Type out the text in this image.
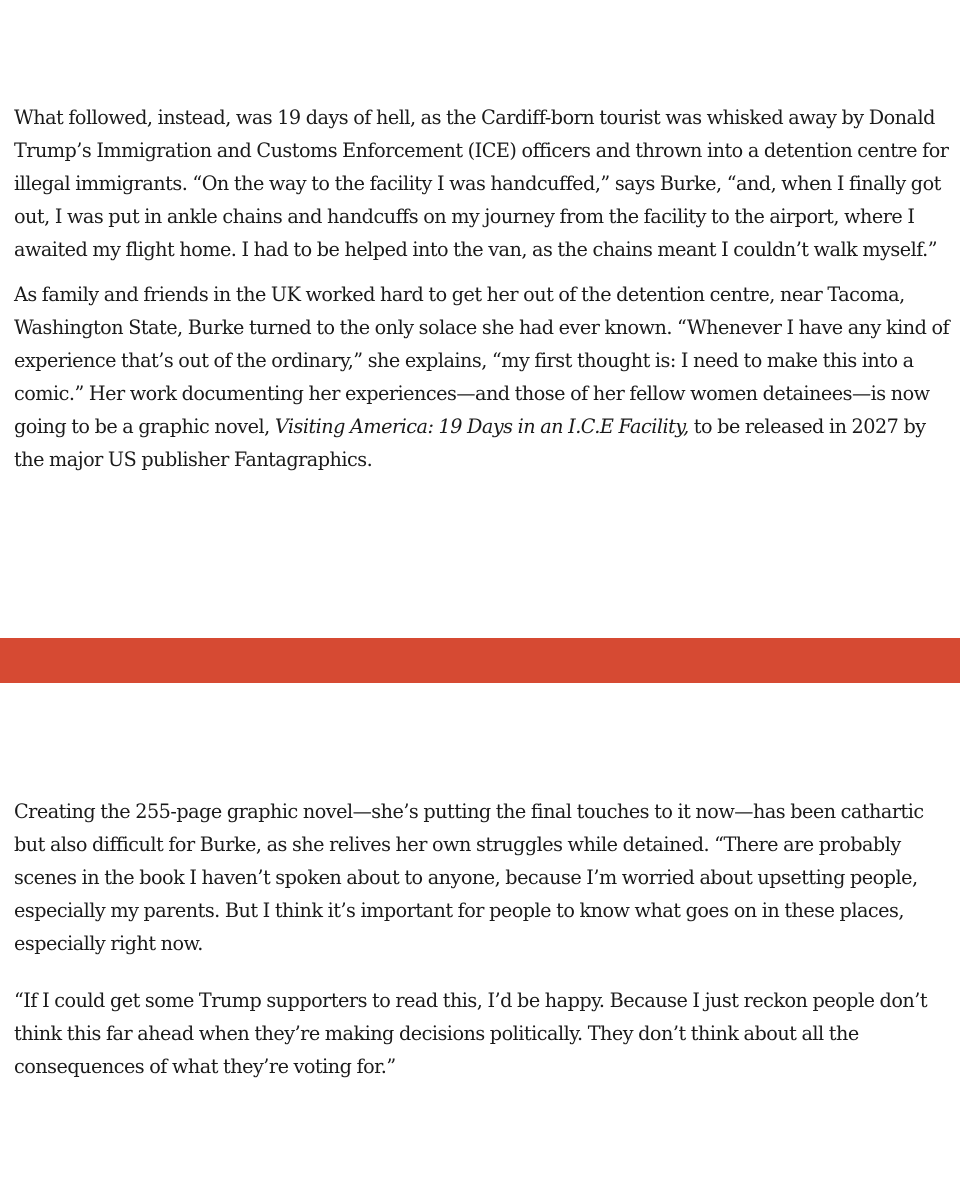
What followed, instead, was 19 days of hell, as the Cardiff-born tourist was whisked away by Donald Trump’s Immigration and Customs Enforcement (ICE) officers and thrown into a detention centre for illegal immigrants. “On the way to the facility I was handcuffed,” says Burke, “and, when I finally got out, I was put in ankle chains and handcuffs on my journey from the facility to the airport, where I awaited my flight home. I had to be helped into the van, as the chains meant I couldn’t walk myself.”

As family and friends in the UK worked hard to get her out of the detention centre, near Tacoma, Washington State, Burke turned to the only solace she had ever known. “Whenever I have any kind of experience that’s out of the ordinary,” she explains, “my first thought is: I need to make this into a comic.” Her work documenting her experiences—and those of her fellow women detainees—is now going to be a graphic novel, Visiting America: 19 Days in an I.C.E Facility, to be released in 2027 by the major US publisher Fantagraphics.

Creating the 255-page graphic novel—she’s putting the final touches to it now—has been cathartic but also difficult for Burke, as she relives her own struggles while detained. “There are probably scenes in the book I haven’t spoken about to anyone, because I’m worried about upsetting people, especially my parents. But I think it’s important for people to know what goes on in these places, especially right now.

“If I could get some Trump supporters to read this, I’d be happy. Because I just reckon people don’t think this far ahead when they’re making decisions politically. They don’t think about all the consequences of what they’re voting for.”
